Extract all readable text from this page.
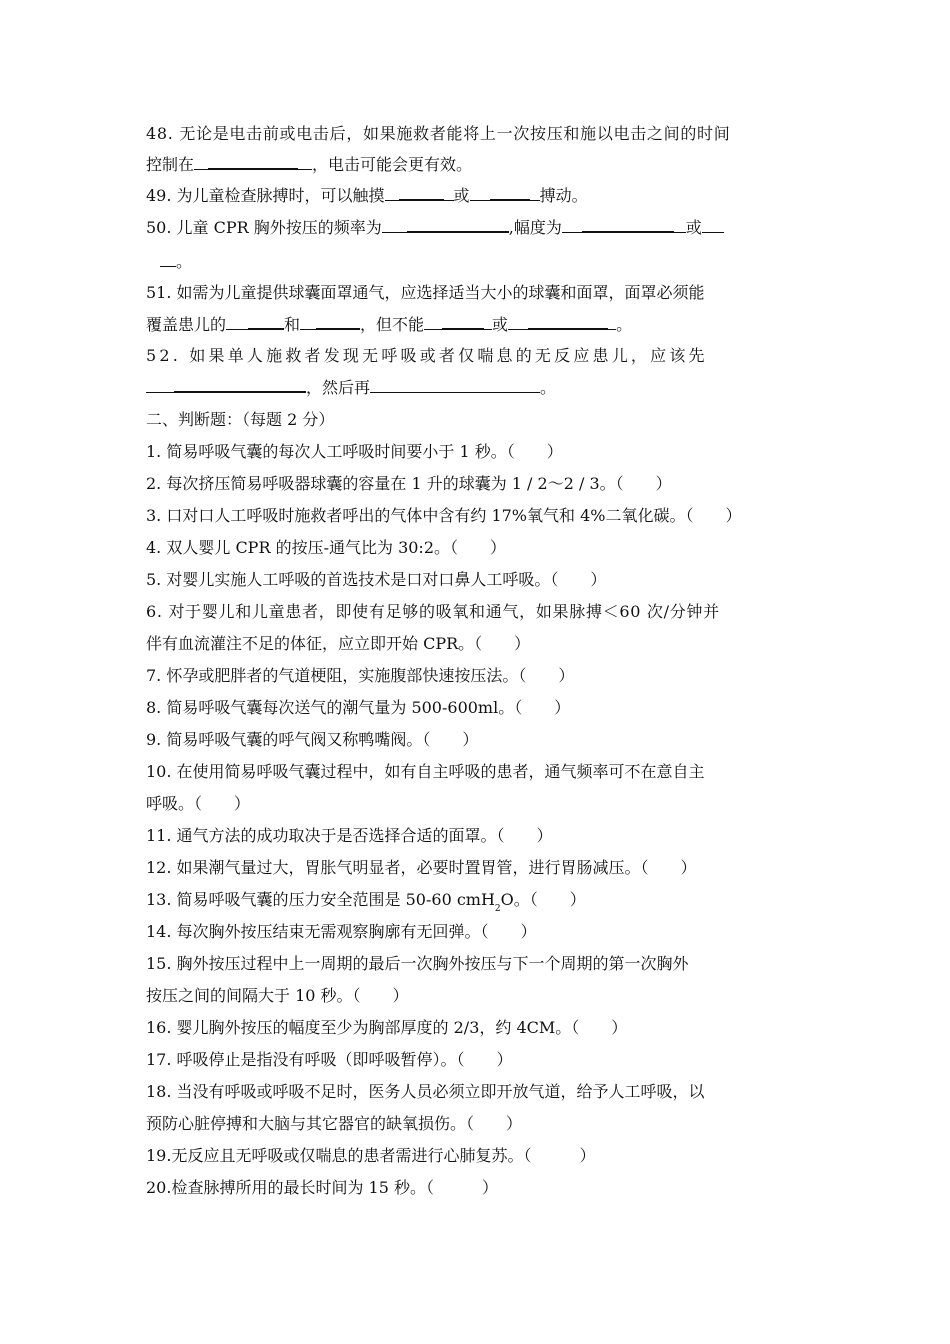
48. 无论是电击前或电击后，如果施救者能将上一次按压和施以电击之间的时间
控制在	，电击可能会更有效。
49. 为儿童检查脉搏时，可以触摸	或	搏动。
50. 儿童 CPR 胸外按压的频率为	,幅度为	或
。
51. 如需为儿童提供球囊面罩通气，应选择适当大小的球囊和面罩，面罩必须能
覆盖患儿的	和	，但不能	或	。
52. 如果单人施救者发现无呼吸或者仅喘息的无反应患儿，应该先
，然后再	。
二、判断题：（每题 2 分）
1. 简易呼吸气囊的每次人工呼吸时间要小于 1 秒。（　　）
2. 每次挤压简易呼吸器球囊的容量在 1 升的球囊为 1 / 2～2 / 3。（　　）
3. 口对口人工呼吸时施救者呼出的气体中含有约 17%氧气和 4%二氧化碳。（　　）
4. 双人婴儿 CPR 的按压-通气比为 30:2。（　　）
5. 对婴儿实施人工呼吸的首选技术是口对口鼻人工呼吸。（　　）
6. 对于婴儿和儿童患者，即使有足够的吸氧和通气，如果脉搏＜60 次/分钟并
伴有血流灌注不足的体征，应立即开始 CPR。（　　）
7. 怀孕或肥胖者的气道梗阻，实施腹部快速按压法。（　　）
8. 简易呼吸气囊每次送气的潮气量为 500-600ml。（　　）
9. 简易呼吸气囊的呼气阀又称鸭嘴阀。（　　）
10. 在使用简易呼吸气囊过程中，如有自主呼吸的患者，通气频率可不在意自主
呼吸。（　　）
11. 通气方法的成功取决于是否选择合适的面罩。（　　）
12. 如果潮气量过大，胃胀气明显者，必要时置胃管，进行胃肠减压。（　　）
13. 简易呼吸气囊的压力安全范围是 50-60 cmH$_2$O。（　　）
14. 每次胸外按压结束无需观察胸廓有无回弹。（　　）
15. 胸外按压过程中上一周期的最后一次胸外按压与下一个周期的第一次胸外
按压之间的间隔大于 10 秒。（　　）
16. 婴儿胸外按压的幅度至少为胸部厚度的 2/3，约 4CM。（　　）
17. 呼吸停止是指没有呼吸（即呼吸暂停）。（　　）
18. 当没有呼吸或呼吸不足时，医务人员必须立即开放气道，给予人工呼吸，以
预防心脏停搏和大脑与其它器官的缺氧损伤。（　　）
19.无反应且无呼吸或仅喘息的患者需进行心肺复苏。（　　　）
20.检查脉搏所用的最长时间为 15 秒。（　　　）
